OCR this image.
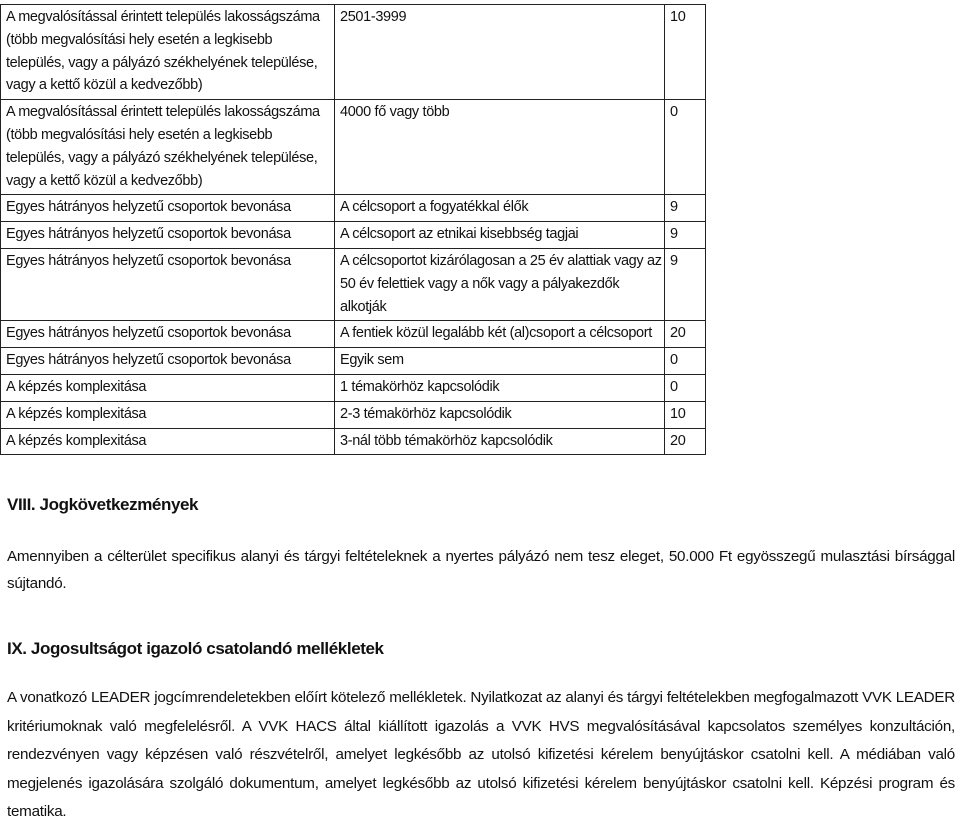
A megvalósítással érintett település lakosságszáma (több megvalósítási hely esetén a legkisebb település, vagy a pályázó székhelyének települése, vagy a kettő közül a kedvezőbb)	2501-3999	10
A megvalósítással érintett település lakosságszáma (több megvalósítási hely esetén a legkisebb település, vagy a pályázó székhelyének települése, vagy a kettő közül a kedvezőbb)	4000 fő vagy több	0
Egyes hátrányos helyzetű csoportok bevonása	A célcsoport a fogyatékkal élők	9
Egyes hátrányos helyzetű csoportok bevonása	A célcsoport az etnikai kisebbség tagjai	9
Egyes hátrányos helyzetű csoportok bevonása	A célcsoportot kizárólagosan a 25 év alattiak vagy az 50 év felettiek vagy a nők vagy a pályakezdők alkotják	9
Egyes hátrányos helyzetű csoportok bevonása	A fentiek közül legalább két (al)csoport a célcsoport	20
Egyes hátrányos helyzetű csoportok bevonása	Egyik sem	0
A képzés komplexitása	1 témakörhöz kapcsolódik	0
A képzés komplexitása	2-3 témakörhöz kapcsolódik	10
A képzés komplexitása	3-nál több témakörhöz kapcsolódik	20
VIII. Jogkövetkezmények

Amennyiben a célterület specifikus alanyi és tárgyi feltételeknek a nyertes pályázó nem tesz eleget, 50.000 Ft egyösszegű mulasztási bírsággal sújtandó.

IX. Jogosultságot igazoló csatolandó mellékletek

A vonatkozó LEADER jogcímrendeletekben előírt kötelező mellékletek. Nyilatkozat az alanyi és tárgyi feltételekben megfogalmazott VVK LEADER kritériumoknak való megfelelésről. A VVK HACS által kiállított igazolás a VVK HVS megvalósításával kapcsolatos személyes konzultáción, rendezvényen vagy képzésen való részvételről, amelyet legkésőbb az utolsó kifizetési kérelem benyújtáskor csatolni kell. A médiában való megjelenés igazolására szolgáló dokumentum, amelyet legkésőbb az utolsó kifizetési kérelem benyújtáskor csatolni kell. Képzési program és tematika.
